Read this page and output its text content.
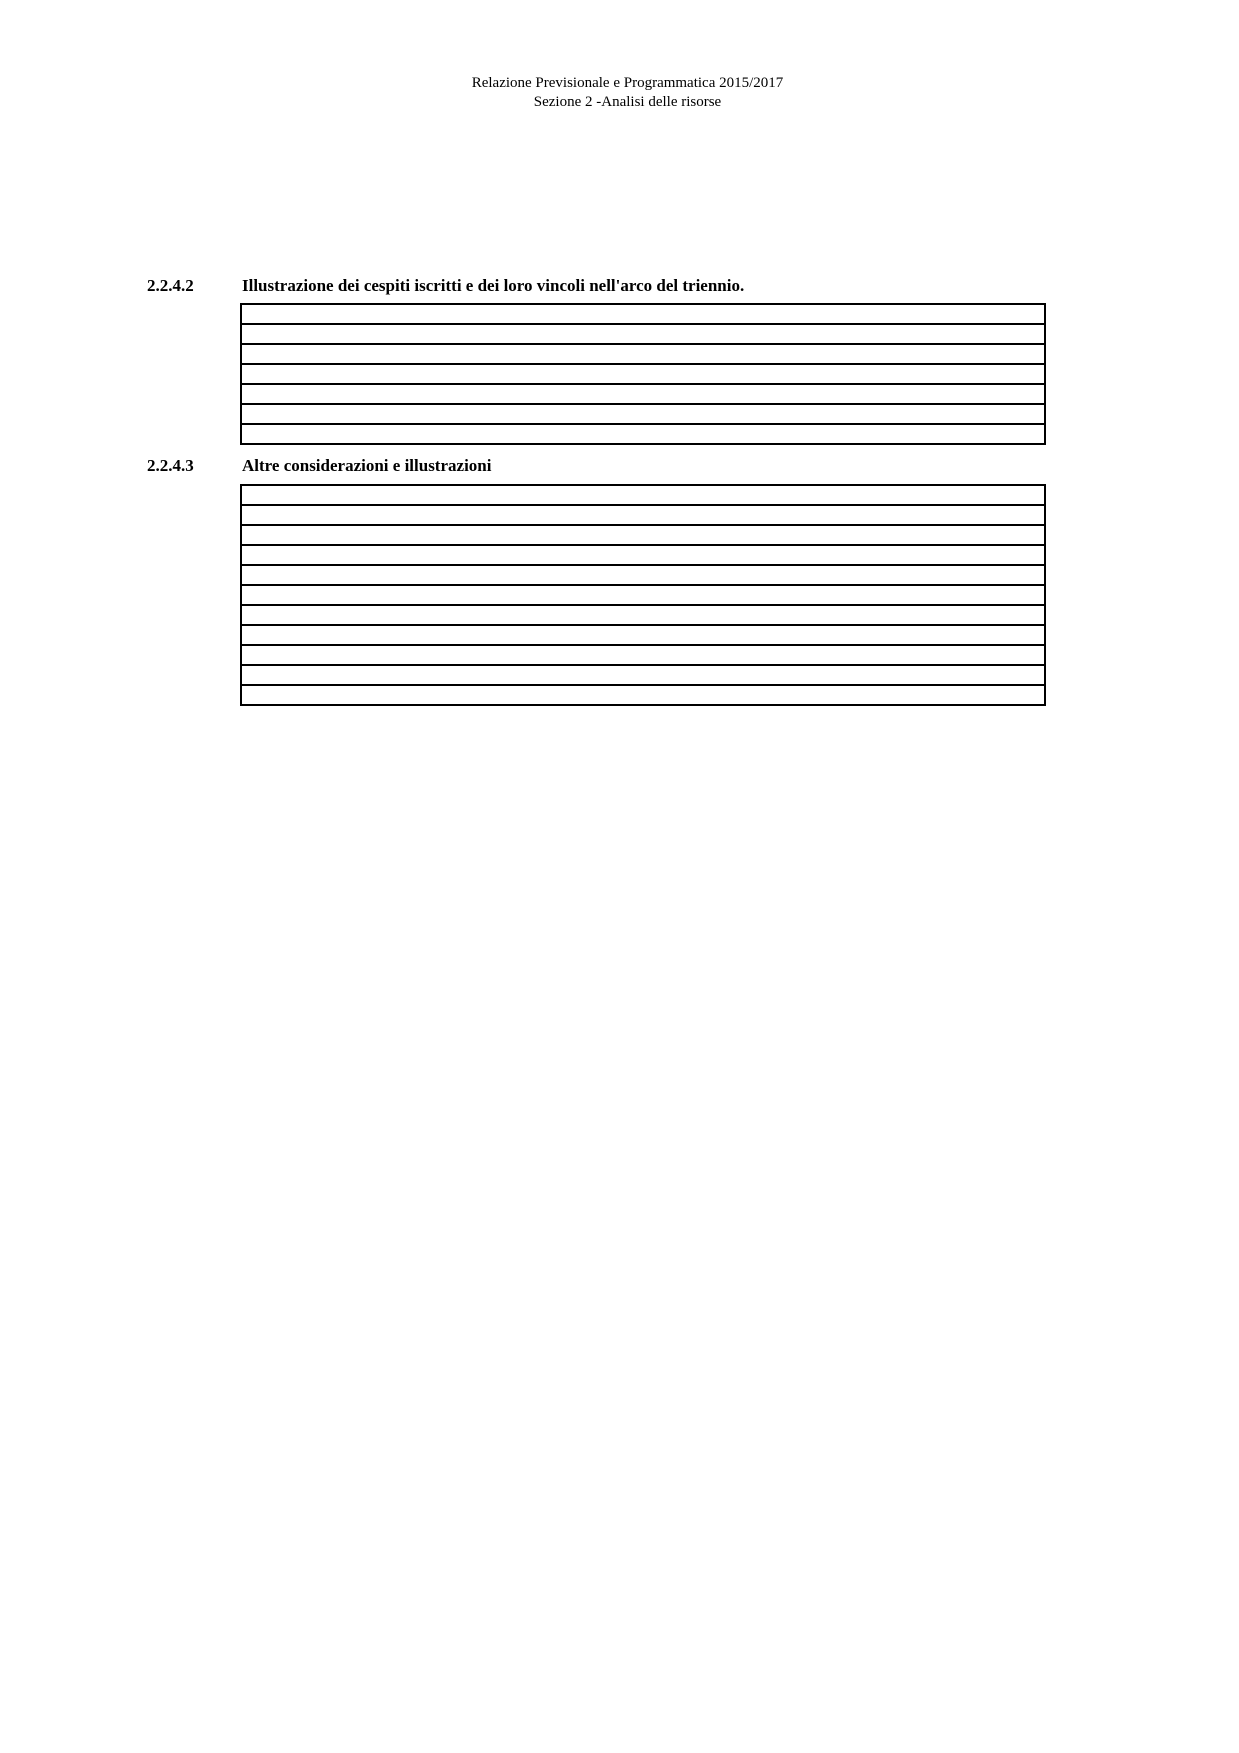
Relazione Previsionale e Programmatica 2015/2017
Sezione 2 -Analisi delle risorse
2.2.4.2	Illustrazione dei cespiti iscritti e dei loro vincoli nell'arco del triennio.

2.2.4.3	Altre considerazioni e illustrazioni
